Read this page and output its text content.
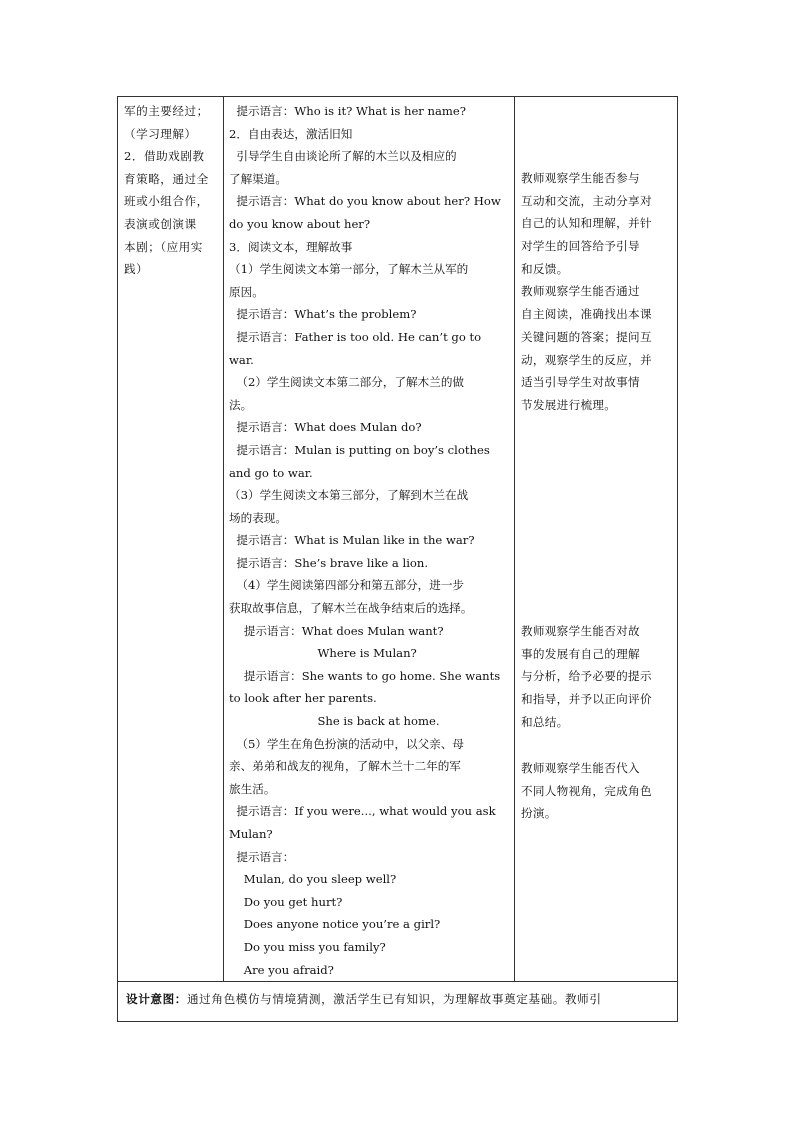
军的主要经过；
（学习理解）
2．借助戏剧教
育策略，通过全
班或小组合作，
表演或创演课
本剧；（应用实
践）
提示语言：Who is it? What is her name?
2．自由表达，激活旧知
引导学生自由谈论所了解的木兰以及相应的
了解渠道。
提示语言：What do you know about her? How
do you know about her?
3．阅读文本，理解故事
（1）学生阅读文本第一部分，了解木兰从军的
原因。
提示语言：What’s the problem?
提示语言：Father is too old. He can’t go to
war.
（2）学生阅读文本第二部分，了解木兰的做
法。
提示语言：What does Mulan do?
提示语言：Mulan is putting on boy’s clothes
and go to war.
（3）学生阅读文本第三部分，了解到木兰在战
场的表现。
提示语言：What is Mulan like in the war?
提示语言：She’s brave like a lion.
（4）学生阅读第四部分和第五部分，进一步
获取故事信息，了解木兰在战争结束后的选择。
提示语言：What does Mulan want?
Where is Mulan?
提示语言：She wants to go home. She wants
to look after her parents.
She is back at home.
（5）学生在角色扮演的活动中，以父亲、母
亲、弟弟和战友的视角，了解木兰十二年的军
旅生活。
提示语言：If you were..., what would you ask
Mulan?
提示语言：
Mulan, do you sleep well?
Do you get hurt?
Does anyone notice you’re a girl?
Do you miss you family?
Are you afraid?
教师观察学生能否参与
互动和交流，主动分享对
自己的认知和理解，并针
对学生的回答给予引导
和反馈。
教师观察学生能否通过
自主阅读，准确找出本课
关键问题的答案；提问互
动，观察学生的反应，并
适当引导学生对故事情
节发展进行梳理。
教师观察学生能否对故
事的发展有自己的理解
与分析，给予必要的提示
和指导，并予以正向评价
和总结。
教师观察学生能否代入
不同人物视角，完成角色
扮演。
设计意图：通过角色模仿与情境猜测，激活学生已有知识，为理解故事奠定基础。教师引
